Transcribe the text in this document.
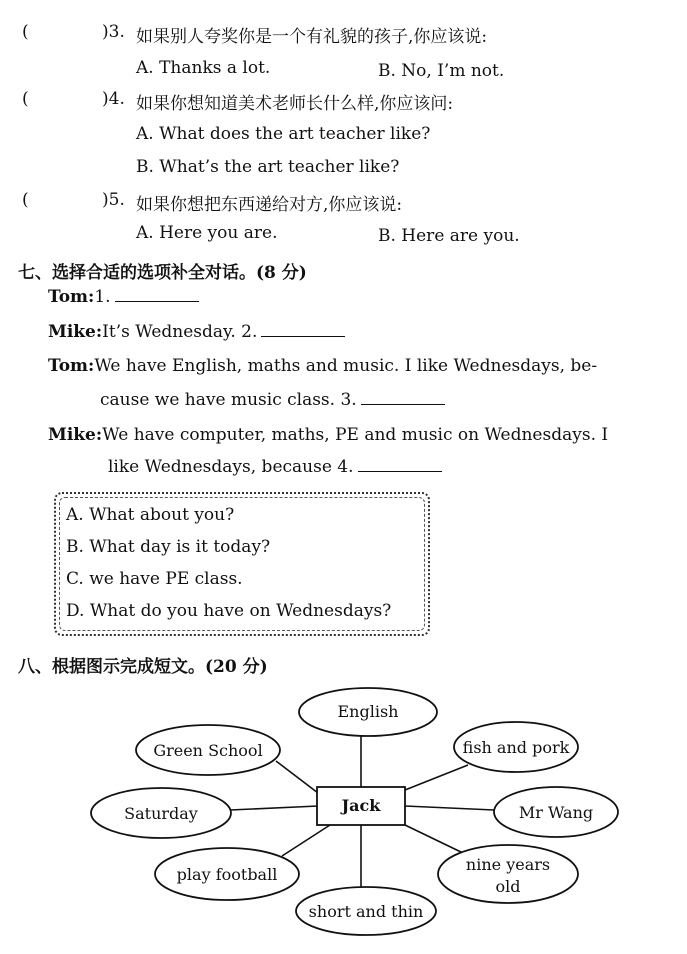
(	)3. 如果别人夸奖你是一个有礼貌的孩子,你应该说:
A. Thanks a lot.	B. No, I’m not.
(	)4. 如果你想知道美术老师长什么样,你应该问:
A. What does the art teacher like?
B. What’s the art teacher like?
(	)5. 如果你想把东西递给对方,你应该说:
A. Here you are.	B. Here are you.
七、选择合适的选项补全对话。(8 分)
Tom:1.
Mike:It’s Wednesday. 2.
Tom:We have English, maths and music. I like Wednesdays, be-
cause we have music class. 3.
Mike:We have computer, maths, PE and music on Wednesdays. I
like Wednesdays, because 4.
A. What about you?
B. What day is it today?
C. we have PE class.
D. What do you have on Wednesdays?
八、根据图示完成短文。(20 分)
English
Green School	fish and pork
Saturday	Mr Wang
play football
nine years
old
short and thin
Jack
